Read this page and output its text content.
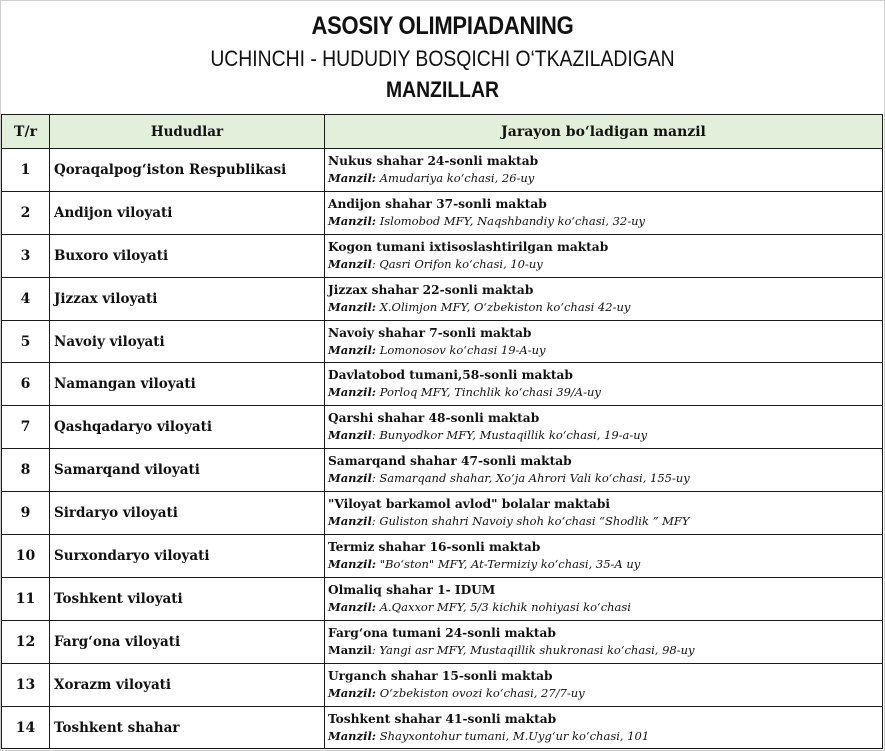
ASOSIY OLIMPIADANING
UCHINCHI - HUDUDIY BOSQICHI O‘TKAZILADIGAN
MANZILLAR
T/r	Hududlar	Jarayon bo‘ladigan manzil
1	Qoraqalpog‘iston Respublikasi	Nukus shahar 24-sonli maktab
Manzil: Amudariya ko‘chasi, 26-uy

2	Andijon viloyati	Andijon shahar 37-sonli maktab
Manzil: Islomobod MFY, Naqshbandiy ko‘chasi, 32-uy

3	Buxoro viloyati	Kogon tumani ixtisoslashtirilgan maktab
Manzil: Qasri Orifon ko‘chasi, 10-uy

4	Jizzax viloyati	Jizzax shahar 22-sonli maktab
Manzil: X.Olimjon MFY, O‘zbekiston ko‘chasi 42-uy

5	Navoiy viloyati	Navoiy shahar 7-sonli maktab
Manzil: Lomonosov ko‘chasi 19-A-uy

6	Namangan viloyati	Davlatobod tumani,58-sonli maktab
Manzil: Porloq MFY, Tinchlik ko‘chasi 39/A-uy

7	Qashqadaryo viloyati	Qarshi shahar 48-sonli maktab
Manzil: Bunyodkor MFY, Mustaqillik ko‘chasi, 19-a-uy

8	Samarqand viloyati	Samarqand shahar 47-sonli maktab
Manzil: Samarqand shahar, Xo‘ja Ahrori Vali ko‘chasi, 155-uy

9	Sirdaryo viloyati	"Viloyat barkamol avlod" bolalar maktabi
Manzil: Guliston shahri Navoiy shoh ko‘chasi “Shodlik ” MFY

10	Surxondaryo viloyati	Termiz shahar 16-sonli maktab
Manzil: "Bo‘ston" MFY, At-Termiziy ko‘chasi, 35-A uy

11	Toshkent viloyati	Olmaliq shahar 1- IDUM
Manzil: A.Qaxxor MFY, 5/3 kichik nohiyasi ko‘chasi

12	Farg‘ona viloyati	Farg‘ona tumani 24-sonli maktab
Manzil: Yangi asr MFY, Mustaqillik shukronasi ko‘chasi, 98-uy

13	Xorazm viloyati	Urganch shahar 15-sonli maktab
Manzil: O‘zbekiston ovozi ko‘chasi, 27/7-uy

14	Toshkent shahar	Toshkent shahar 41-sonli maktab
Manzil: Shayxontohur tumani, M.Uyg‘ur ko‘chasi, 101
